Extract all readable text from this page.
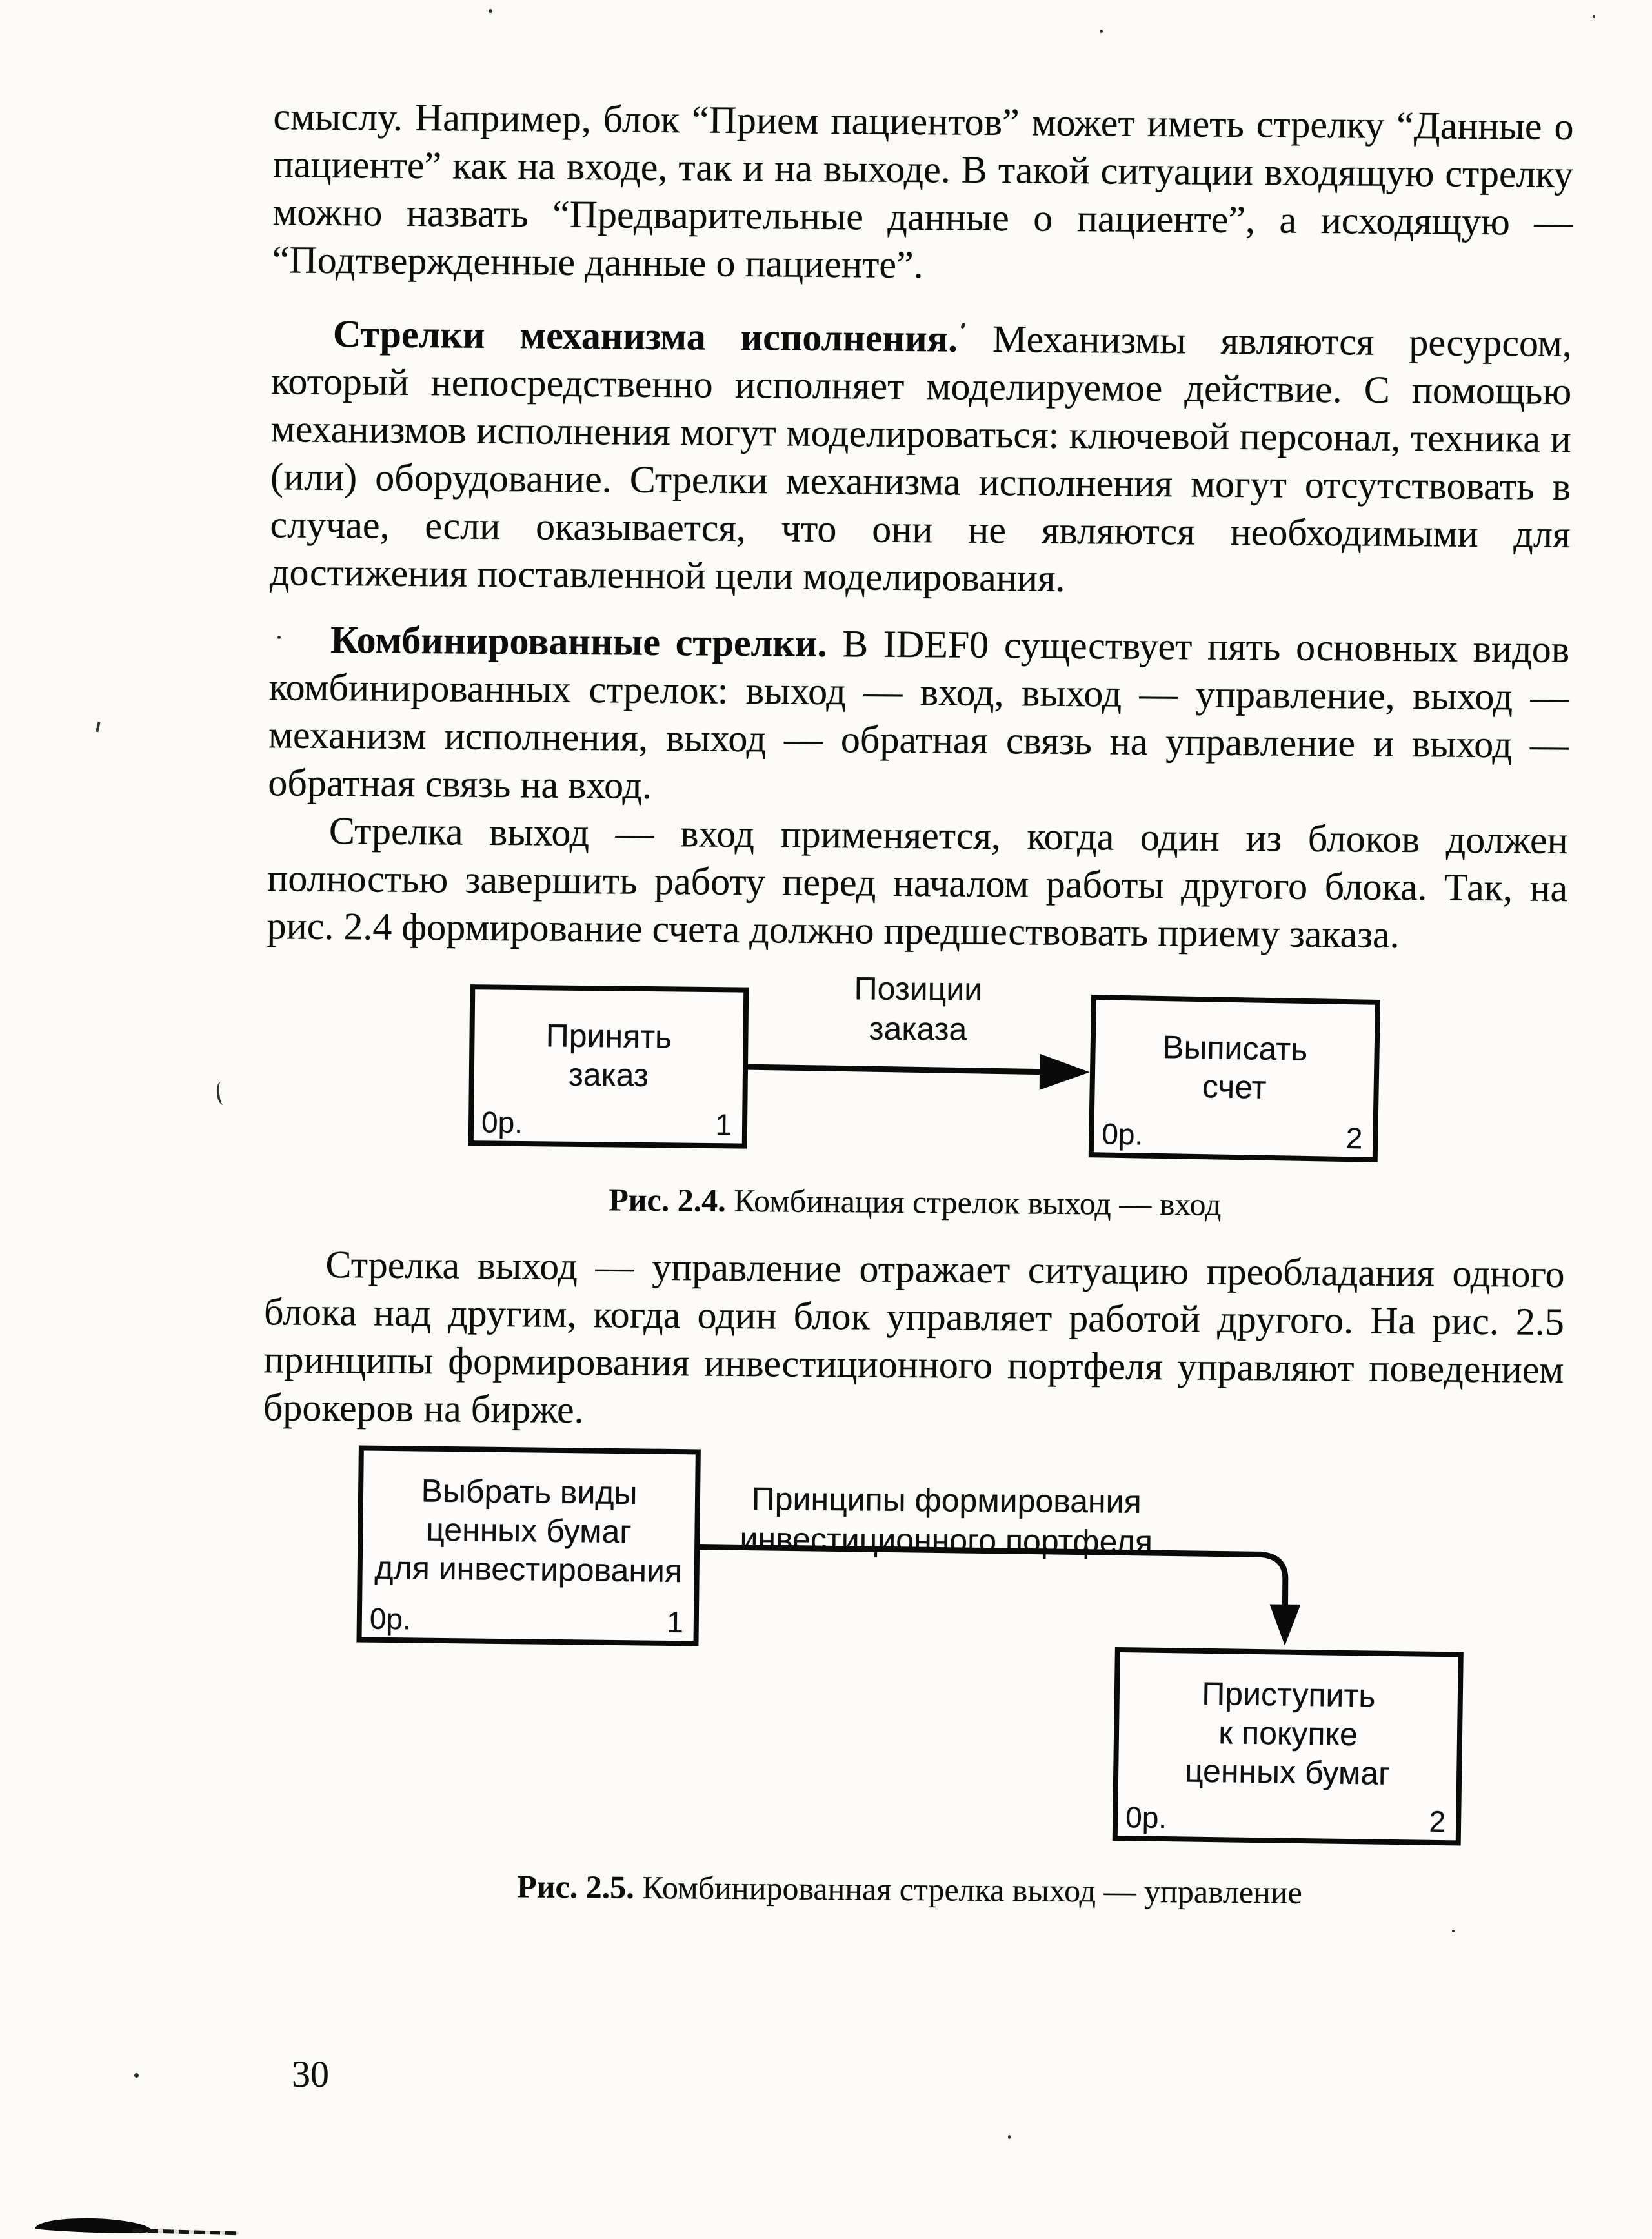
смыслу. Например, блок “Прием пациентов” может иметь стрелку “Данные о пациенте” как на входе, так и на выходе. В такой ситуации входящую стрелку можно назвать “Предварительные данные о пациенте”, а исходящую — “Подтвержденные данные о пациенте”.

Стрелки механизма исполнения. Механизмы являются ресурсом, который непосредственно исполняет моделируемое действие. С помощью механизмов исполнения могут моделироваться: ключевой персонал, техника и (или) оборудование. Стрелки механизма исполнения могут отсутствовать в случае, если оказывается, что они не являются необходимыми для достижения поставленной цели моделирования.

Комбинированные стрелки. В IDEF0 существует пять основных видов комбинированных стрелок: выход — вход, выход — управление, выход — механизм исполнения, выход — обратная связь на управление и выход — обратная связь на вход.

Стрелка выход — вход применяется, когда один из блоков должен полностью завершить работу перед началом работы другого блока. Так, на рис. 2.4 формирование счета должно предшествовать приему заказа.

Принять
заказ
0р.	1
Позиции
заказа	Выписать
счет
0р.	2
Рис. 2.4. Комбинация стрелок выход — вход

Стрелка выход — управление отражает ситуацию преобладания одного блока над другим, когда один блок управляет работой другого. На рис. 2.5 принципы формирования инвестиционного портфеля управляют поведением брокеров на бирже.

Выбрать виды
ценных бумаг
для инвестирования
0р.	1
Принципы формирования
инвестиционного портфеля
Приступить
к покупке
ценных бумаг
0р.	2
Рис. 2.5. Комбинированная стрелка выход — управление
30
